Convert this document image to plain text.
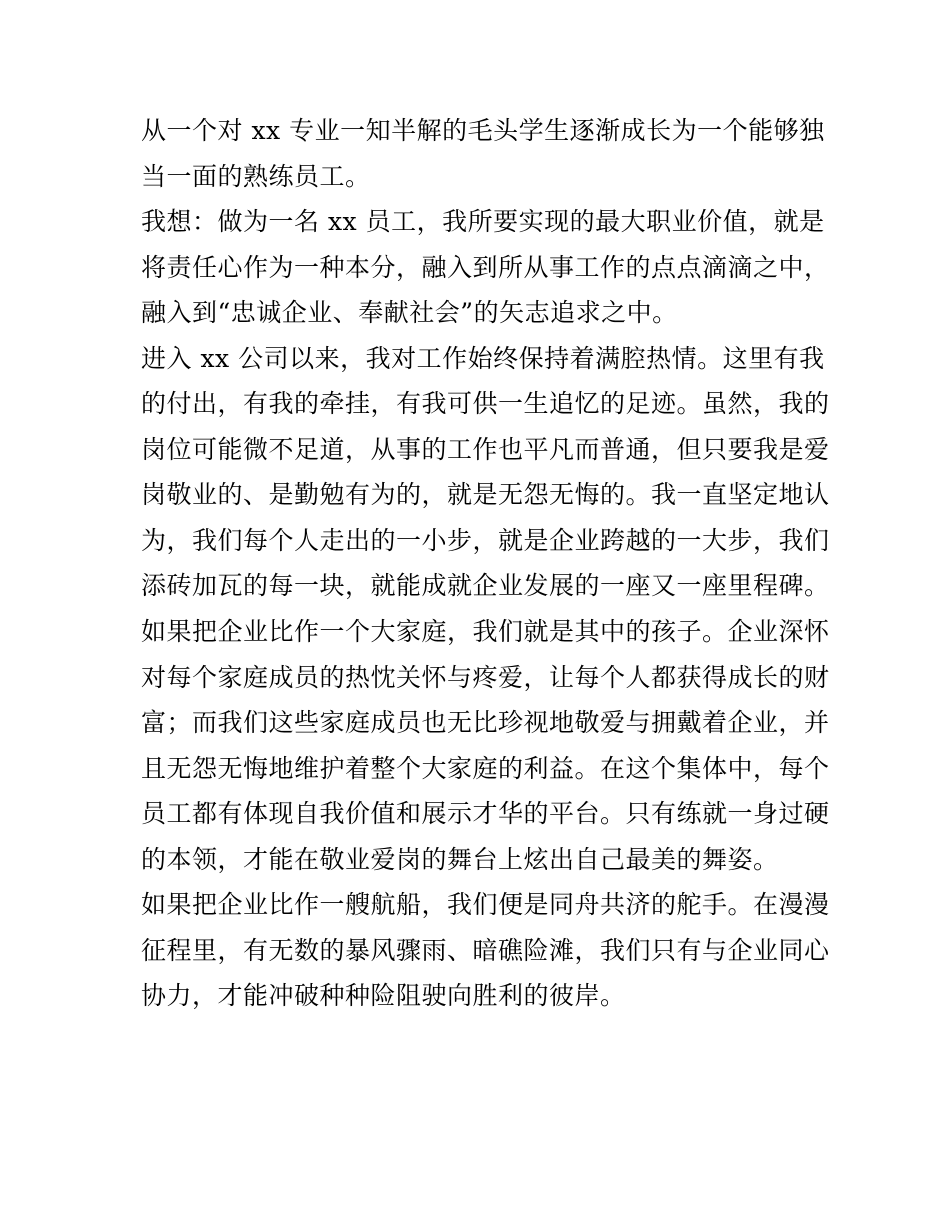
从一个对 xx 专业一知半解的毛头学生逐渐成长为一个能够独
当一面的熟练员工。
我想：做为一名 xx 员工，我所要实现的最大职业价值，就是
将责任心作为一种本分，融入到所从事工作的点点滴滴之中，
融入到“忠诚企业、奉献社会”的矢志追求之中。
进入 xx 公司以来，我对工作始终保持着满腔热情。这里有我
的付出，有我的牵挂，有我可供一生追忆的足迹。虽然，我的
岗位可能微不足道，从事的工作也平凡而普通，但只要我是爱
岗敬业的、是勤勉有为的，就是无怨无悔的。我一直坚定地认
为，我们每个人走出的一小步，就是企业跨越的一大步，我们
添砖加瓦的每一块，就能成就企业发展的一座又一座里程碑。
如果把企业比作一个大家庭，我们就是其中的孩子。企业深怀
对每个家庭成员的热忱关怀与疼爱，让每个人都获得成长的财
富；而我们这些家庭成员也无比珍视地敬爱与拥戴着企业，并
且无怨无悔地维护着整个大家庭的利益。在这个集体中，每个
员工都有体现自我价值和展示才华的平台。只有练就一身过硬
的本领，才能在敬业爱岗的舞台上炫出自己最美的舞姿。
如果把企业比作一艘航船，我们便是同舟共济的舵手。在漫漫
征程里，有无数的暴风骤雨、暗礁险滩，我们只有与企业同心
协力，才能冲破种种险阻驶向胜利的彼岸。
